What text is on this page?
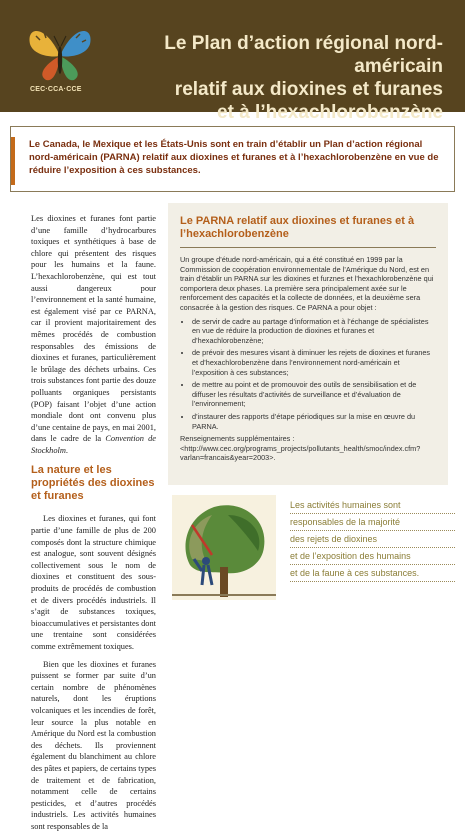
CEC·CCA·CCE
Le Plan d’action régional nord-américain
relatif aux dioxines et furanes
et à l’hexachlorobenzène
Le Canada, le Mexique et les États-Unis sont en train d’établir un Plan d’action régional nord-américain (PARNA) relatif aux dioxines et furanes et à l’hexachlorobenzène en vue de réduire l’exposition à ces substances.

Les dioxines et furanes font partie d’une famille d’hydrocarbures toxiques et synthétiques à base de chlore qui présentent des risques pour les humains et la faune. L’hexachlorobenzène, qui est tout aussi dangereux pour l’environnement et la santé humaine, est également visé par ce PARNA, car il provient majoritairement des mêmes procédés de combustion responsables des émissions de dioxines et furanes, particulièrement le brûlage des déchets urbains. Ces trois substances font partie des douze polluants organiques persistants (POP) faisant l’objet d’une action mondiale dont ont convenu plus d’une centaine de pays, en mai 2001, dans le cadre de la Convention de Stockholm.

La nature et les propriétés des dioxines et furanes

Les dioxines et furanes, qui font partie d’une famille de plus de 200 composés dont la structure chimique est analogue, sont souvent désignés collectivement sous le nom de dioxines et constituent des sous-produits de procédés de combustion et de divers procédés industriels. Il s’agit de substances toxiques, bioaccumulatives et persistantes dont une trentaine sont considérées comme extrêmement toxiques.

Bien que les dioxines et furanes puissent se former par suite d’un certain nombre de phénomènes naturels, dont les éruptions volcaniques et les incendies de forêt, leur source la plus notable en Amérique du Nord est la combustion des déchets. Ils proviennent également du blanchiment au chlore des pâtes et papiers, de certains types de traitement et de fabrication, notamment celle de certains pesticides, et d’autres procédés industriels. Les activités humaines sont responsables de la

Le PARNA relatif aux dioxines et furanes et à l’hexachlorobenzène

Un groupe d’étude nord-américain, qui a été constitué en 1999 par la Commission de coopération environnementale de l’Amérique du Nord, est en train d’établir un PARNA sur les dioxines et furznes et l’hexachlorobenzène qui comportera deux phases. La première sera principalement axée sur le renforcement des capacités et la collecte de données, et la deuxième sera consacrée à la gestion des risques. Ce PARNA a pour objet :

• de servir de cadre au partage d’information et à l’échange de spécialistes en vue de réduire la production de dioxines et furanes et d’hexachlorobenzène;
• de prévoir des mesures visant à diminuer les rejets de dioxines et furanes et d’hexachlorobenzène dans l’environnement nord-américain et l’exposition à ces substances;
• de mettre au point et de promouvoir des outils de sensibilisation et de diffuser les résultats d’activités de surveillance et d’évaluation de l’environnement;
• d’instaurer des rapports d’étape périodiques sur la mise en œuvre du PARNA.

Renseignements supplémentaires : <http://www.cec.org/programs_projects/pollutants_health/smoc/index.cfm?varlan=francais&year=2003>.

Les activités humaines sont
responsables de la majorité
des rejets de dioxines
et de l’exposition des humains
et de la faune à ces substances.
